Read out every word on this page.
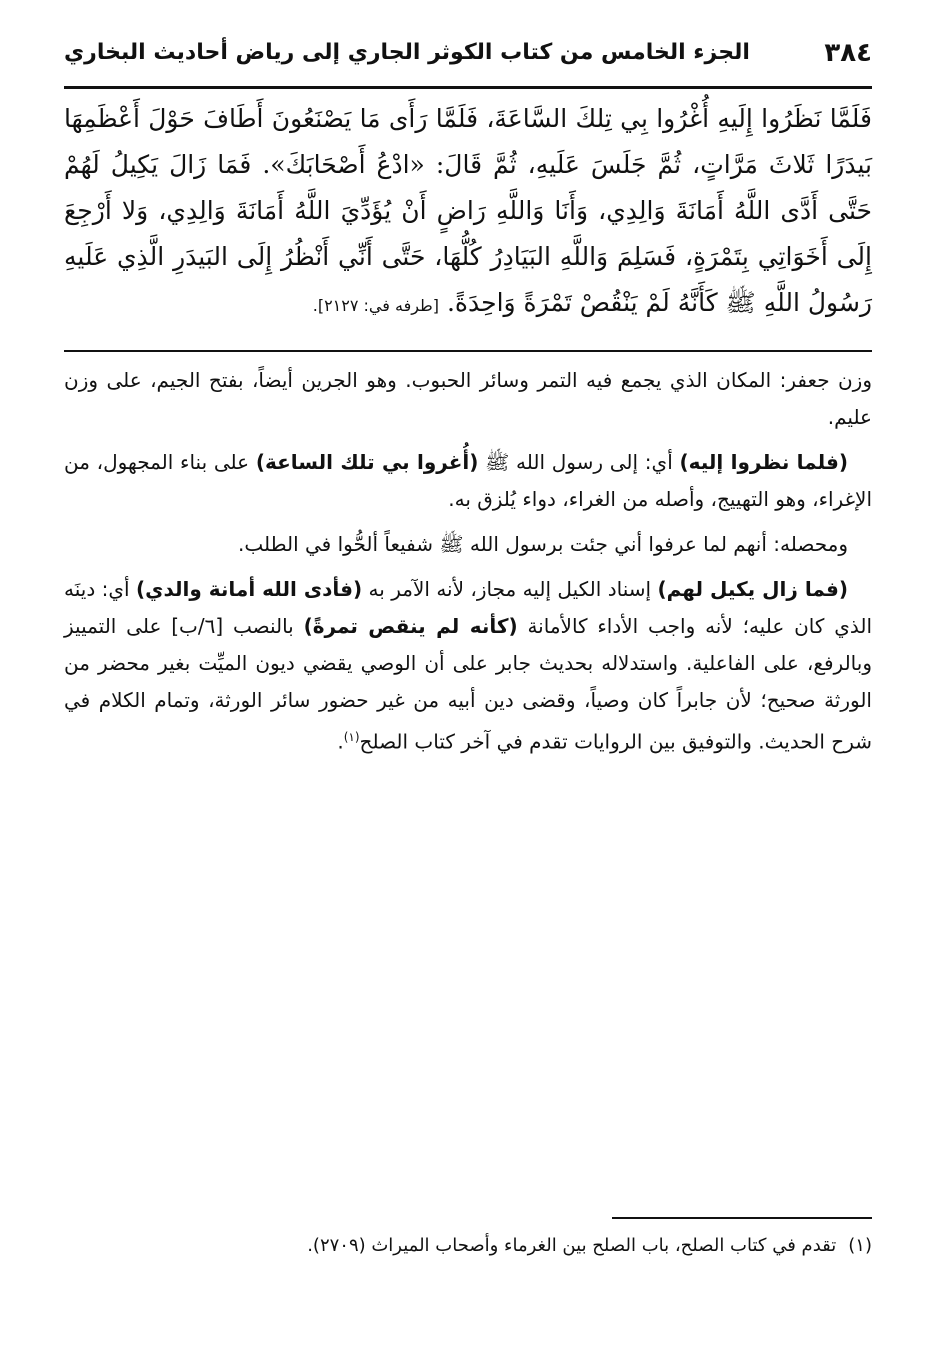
٣٨٤
الجزء الخامس من كتاب الكوثر الجاري إلى رياض أحاديث البخاري

فَلَمَّا نَظَرُوا إِلَيهِ أُغْرُوا بِي تِلكَ السَّاعَةَ، فَلَمَّا رَأَى مَا يَصْنَعُونَ أَطَافَ حَوْلَ أَعْظَمِهَا بَيدَرًا ثَلاثَ مَرَّاتٍ، ثُمَّ جَلَسَ عَلَيهِ، ثُمَّ قَالَ: «ادْعُ أَصْحَابَكَ». فَمَا زَالَ يَكِيلُ لَهُمْ حَتَّى أَدَّى اللَّهُ أَمَانَةَ وَالِدِي، وَأَنَا وَاللَّهِ رَاضٍ أَنْ يُؤَدِّيَ اللَّهُ أَمَانَةَ وَالِدِي، وَلا أَرْجِعَ إِلَى أَخَوَاتِي بِتَمْرَةٍ، فَسَلِمَ وَاللَّهِ البَيَادِرُ كُلُّهَا، حَتَّى أَنِّي أَنْظُرُ إِلَى البَيدَرِ الَّذِي عَلَيهِ رَسُولُ اللَّهِ ﷺ كَأَنَّهُ لَمْ يَنْقُصْ تَمْرَةً وَاحِدَةً. [طرفه في: ٢١٢٧].

وزن جعفر: المكان الذي يجمع فيه التمر وسائر الحبوب. وهو الجرين أيضاً، بفتح الجيم، على وزن عليم.

(فلما نظروا إليه) أي: إلى رسول الله ﷺ (أُغروا بي تلك الساعة) على بناء المجهول، من الإغراء، وهو التهييج، وأصله من الغراء، دواء يُلزق به.

ومحصله: أنهم لما عرفوا أني جئت برسول الله ﷺ شفيعاً ألحُّوا في الطلب.

(فما زال يكيل لهم) إسناد الكيل إليه مجاز، لأنه الآمر به (فأدى الله أمانة والدي) أي: دينَه الذي كان عليه؛ لأنه واجب الأداء كالأمانة (كأنه لم ينقص تمرةً) بالنصب [٦/ب] على التمييز وبالرفع، على الفاعلية. واستدلاله بحديث جابر على أن الوصي يقضي ديون الميِّت بغير محضر من الورثة صحيح؛ لأن جابراً كان وصياً، وقضى دين أبيه من غير حضور سائر الورثة، وتمام الكلام في شرح الحديث. والتوفيق بين الروايات تقدم في آخر كتاب الصلح$^{(١)}$.

(١)تقدم في كتاب الصلح، باب الصلح بين الغرماء وأصحاب الميراث (٢٧٠٩).
